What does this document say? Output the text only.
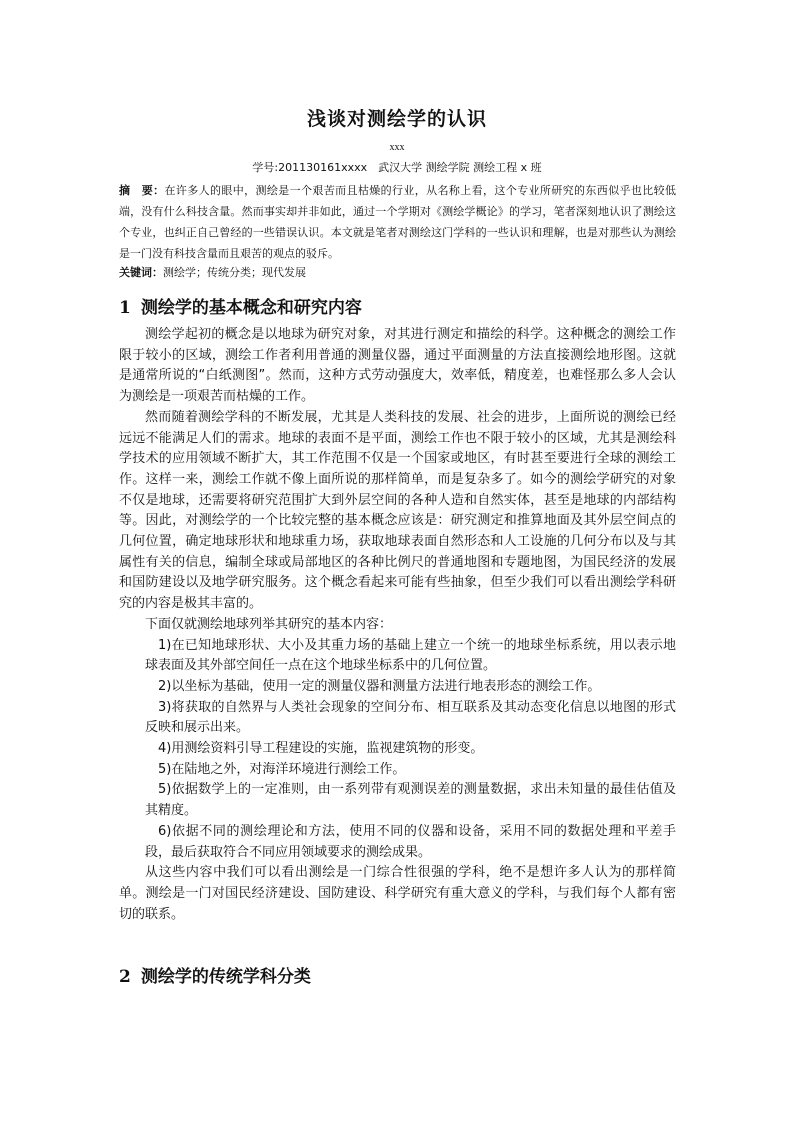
浅谈对测绘学的认识
xxx
学号:201130161xxxx　武汉大学 测绘学院 测绘工程 x 班
摘　要：在许多人的眼中，测绘是一个艰苦而且枯燥的行业，从名称上看，这个专业所研究的东西似乎也比较低端，没有什么科技含量。然而事实却并非如此，通过一个学期对《测绘学概论》的学习，笔者深刻地认识了测绘这个专业，也纠正自己曾经的一些错误认识。本文就是笔者对测绘这门学科的一些认识和理解，也是对那些认为测绘是一门没有科技含量而且艰苦的观点的驳斥。
关键词：测绘学；传统分类；现代发展
1 测绘学的基本概念和研究内容

测绘学起初的概念是以地球为研究对象，对其进行测定和描绘的科学。这种概念的测绘工作限于较小的区域，测绘工作者利用普通的测量仪器，通过平面测量的方法直接测绘地形图。这就是通常所说的“白纸测图”。然而，这种方式劳动强度大，效率低，精度差，也难怪那么多人会认为测绘是一项艰苦而枯燥的工作。

然而随着测绘学科的不断发展，尤其是人类科技的发展、社会的进步，上面所说的测绘已经远远不能满足人们的需求。地球的表面不是平面，测绘工作也不限于较小的区域，尤其是测绘科学技术的应用领域不断扩大，其工作范围不仅是一个国家或地区，有时甚至要进行全球的测绘工作。这样一来，测绘工作就不像上面所说的那样简单，而是复杂多了。如今的测绘学研究的对象不仅是地球，还需要将研究范围扩大到外层空间的各种人造和自然实体，甚至是地球的内部结构等。因此，对测绘学的一个比较完整的基本概念应该是：研究测定和推算地面及其外层空间点的几何位置，确定地球形状和地球重力场，获取地球表面自然形态和人工设施的几何分布以及与其属性有关的信息，编制全球或局部地区的各种比例尺的普通地图和专题地图，为国民经济的发展和国防建设以及地学研究服务。这个概念看起来可能有些抽象，但至少我们可以看出测绘学科研究的内容是极其丰富的。

下面仅就测绘地球列举其研究的基本内容：

1)在已知地球形状、大小及其重力场的基础上建立一个统一的地球坐标系统，用以表示地球表面及其外部空间任一点在这个地球坐标系中的几何位置。

2)以坐标为基础，使用一定的测量仪器和测量方法进行地表形态的测绘工作。

3)将获取的自然界与人类社会现象的空间分布、相互联系及其动态变化信息以地图的形式反映和展示出来。

4)用测绘资料引导工程建设的实施，监视建筑物的形变。

5)在陆地之外，对海洋环境进行测绘工作。

5)依据数学上的一定准则，由一系列带有观测误差的测量数据，求出未知量的最佳估值及其精度。

6)依据不同的测绘理论和方法，使用不同的仪器和设备，采用不同的数据处理和平差手段，最后获取符合不同应用领域要求的测绘成果。

从这些内容中我们可以看出测绘是一门综合性很强的学科，绝不是想许多人认为的那样简单。测绘是一门对国民经济建设、国防建设、科学研究有重大意义的学科，与我们每个人都有密切的联系。

2 测绘学的传统学科分类
